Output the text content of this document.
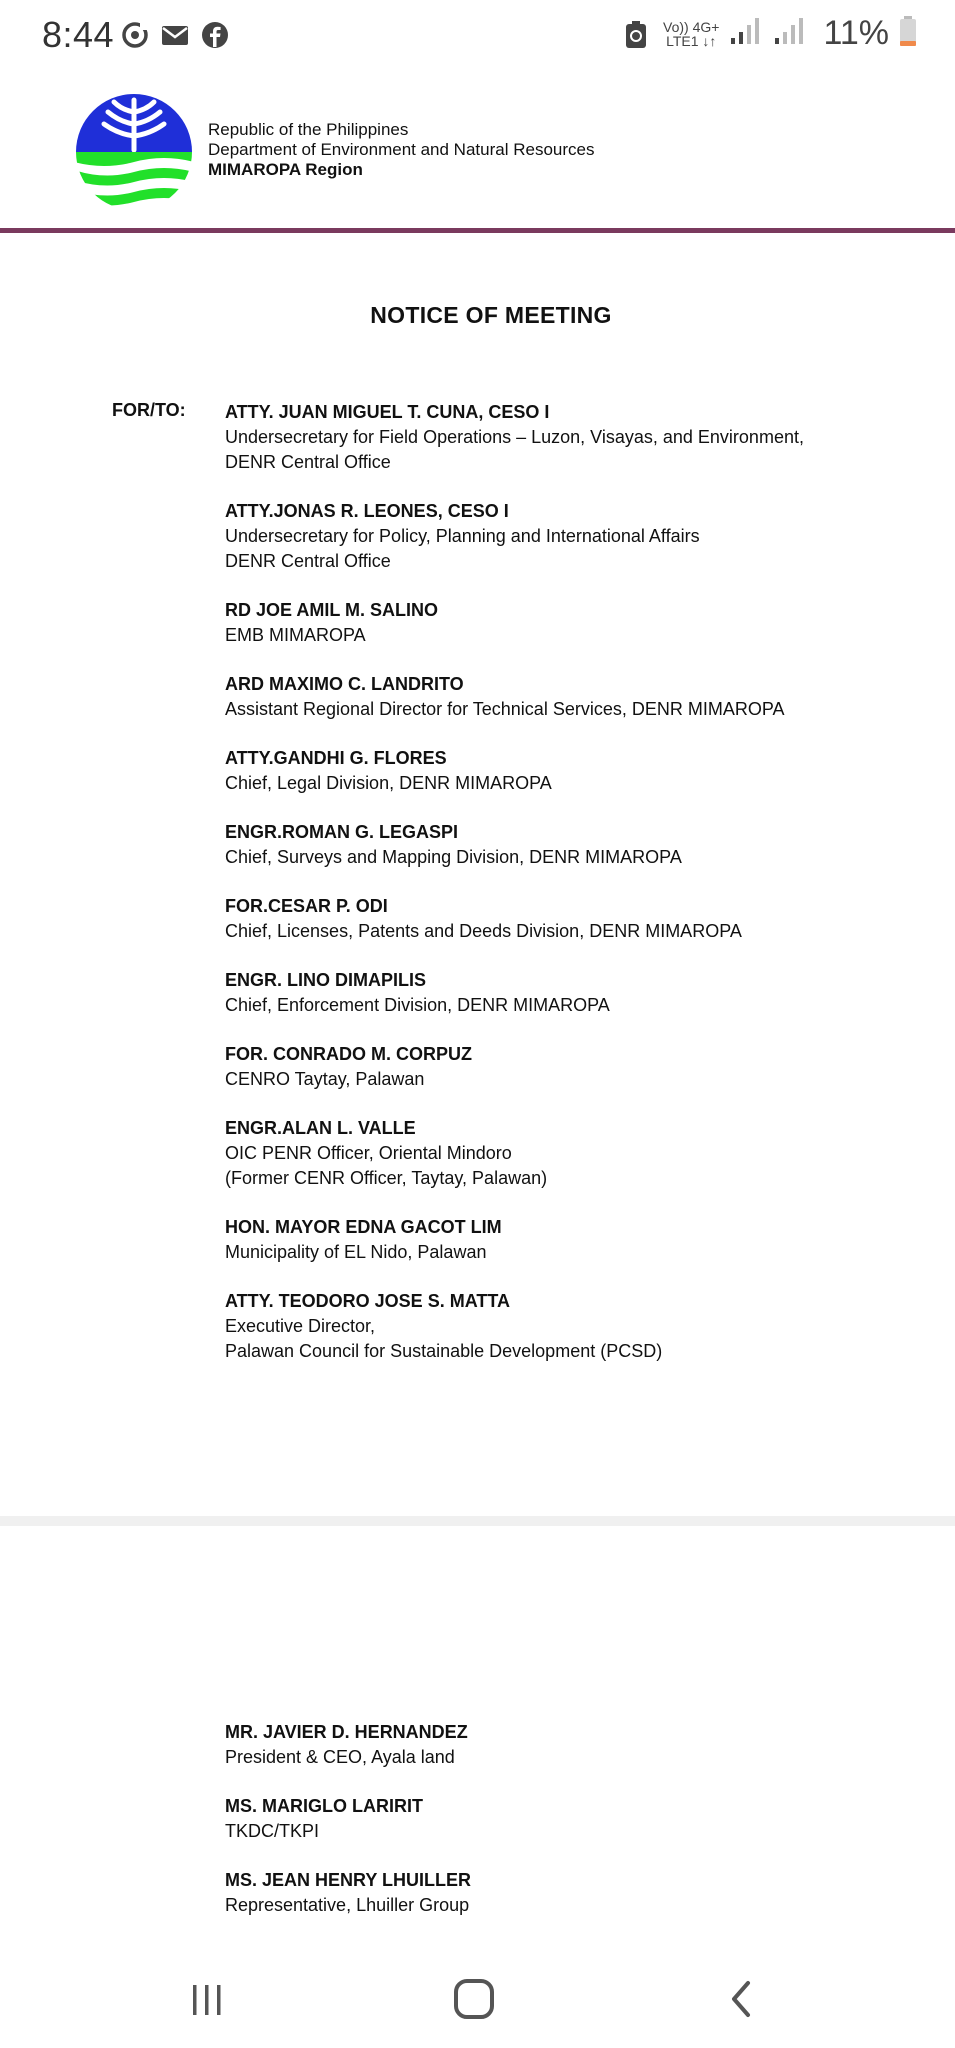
8:44	Vo)) 4G+
LTE1 ↓↑	11%
Republic of the Philippines
Department of Environment and Natural Resources
MIMAROPA Region
NOTICE OF MEETING
FOR/TO: ATTY. JUAN MIGUEL T. CUNA, CESO I
Undersecretary for Field Operations – Luzon, Visayas, and Environment,
DENR Central Office
ATTY.JONAS R. LEONES, CESO I
Undersecretary for Policy, Planning and International Affairs
DENR Central Office
RD JOE AMIL M. SALINO
EMB MIMAROPA
ARD MAXIMO C. LANDRITO
Assistant Regional Director for Technical Services, DENR MIMAROPA
ATTY.GANDHI G. FLORES
Chief, Legal Division, DENR MIMAROPA
ENGR.ROMAN G. LEGASPI
Chief, Surveys and Mapping Division, DENR MIMAROPA
FOR.CESAR P. ODI
Chief, Licenses, Patents and Deeds Division, DENR MIMAROPA
ENGR. LINO DIMAPILIS
Chief, Enforcement Division, DENR MIMAROPA
FOR. CONRADO M. CORPUZ
CENRO Taytay, Palawan
ENGR.ALAN L. VALLE
OIC PENR Officer, Oriental Mindoro
(Former CENR Officer, Taytay, Palawan)
HON. MAYOR EDNA GACOT LIM
Municipality of EL Nido, Palawan
ATTY. TEODORO JOSE S. MATTA
Executive Director,
Palawan Council for Sustainable Development (PCSD)
MR. JAVIER D. HERNANDEZ
President & CEO, Ayala land
MS. MARIGLO LARIRIT
TKDC/TKPI
MS. JEAN HENRY LHUILLER
Representative, Lhuiller Group
